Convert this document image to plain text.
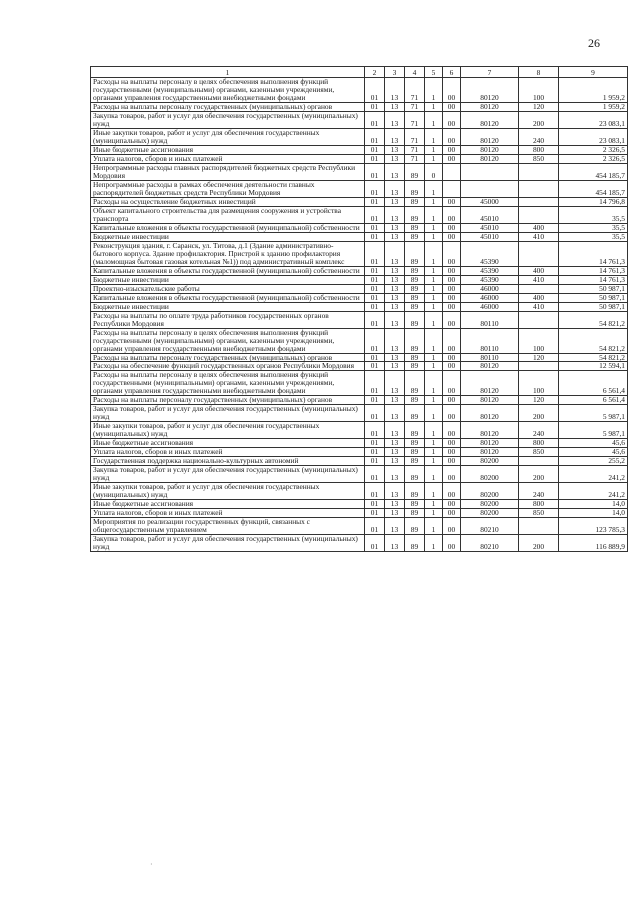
26
1	2	3	4	5	6	7	8	9
Расходы на выплаты персоналу в целях обеспечения выполнения функций государственными (муниципальными) органами, казенными учреждениями, органами управления государственными внебюджетными фондами	01	13	71	1	00	80120	100	1 959,2
Расходы на выплаты персоналу государственных (муниципальных) органов	01	13	71	1	00	80120	120	1 959,2
Закупка товаров, работ и услуг для обеспечения государственных (муниципальных) нужд	01	13	71	1	00	80120	200	23 083,1
Иные закупки товаров, работ и услуг для обеспечения государственных (муниципальных) нужд	01	13	71	1	00	80120	240	23 083,1
Иные бюджетные ассигнования	01	13	71	1	00	80120	800	2 326,5
Уплата налогов, сборов и иных платежей	01	13	71	1	00	80120	850	2 326,5
Непрограммные расходы главных распорядителей бюджетных средств Республики Мордовия	01	13	89	0				454 185,7
Непрограммные расходы в рамках обеспечения деятельности главных распорядителей бюджетных средств Республики Мордовия	01	13	89	1				454 185,7
Расходы на осуществление бюджетных инвестиций	01	13	89	1	00	45000		14 796,8
Объект капитального строительства для размещения сооружения и устройства транспорта	01	13	89	1	00	45010		35,5
Капитальные вложения в объекты государственной (муниципальной) собственности	01	13	89	1	00	45010	400	35,5
Бюджетные инвестиции	01	13	89	1	00	45010	410	35,5
Реконструкция здания, г. Саранск, ул. Титова, д.1 (Здание административно-бытового корпуса. Здание профилактория. Пристрой к зданию профилактория (маломощная бытовая газовая котельная №1)) под административный комплекс	01	13	89	1	00	45390		14 761,3
Капитальные вложения в объекты государственной (муниципальной) собственности	01	13	89	1	00	45390	400	14 761,3
Бюджетные инвестиции	01	13	89	1	00	45390	410	14 761,3
Проектно-изыскательские работы	01	13	89	1	00	46000		50 987,1
Капитальные вложения в объекты государственной (муниципальной) собственности	01	13	89	1	00	46000	400	50 987,1
Бюджетные инвестиции	01	13	89	1	00	46000	410	50 987,1
Расходы на выплаты по оплате труда работников государственных органов Республики Мордовия	01	13	89	1	00	80110		54 821,2
Расходы на выплаты персоналу в целях обеспечения выполнения функций государственными (муниципальными) органами, казенными учреждениями, органами управления государственными внебюджетными фондами	01	13	89	1	00	80110	100	54 821,2
Расходы на выплаты персоналу государственных (муниципальных) органов	01	13	89	1	00	80110	120	54 821,2
Расходы на обеспечение функций государственных органов Республики Мордовия	01	13	89	1	00	80120		12 594,1
Расходы на выплаты персоналу в целях обеспечения выполнения функций государственными (муниципальными) органами, казенными учреждениями, органами управления государственными внебюджетными фондами	01	13	89	1	00	80120	100	6 561,4
Расходы на выплаты персоналу государственных (муниципальных) органов	01	13	89	1	00	80120	120	6 561,4
Закупка товаров, работ и услуг для обеспечения государственных (муниципальных) нужд	01	13	89	1	00	80120	200	5 987,1
Иные закупки товаров, работ и услуг для обеспечения государственных (муниципальных) нужд	01	13	89	1	00	80120	240	5 987,1
Иные бюджетные ассигнования	01	13	89	1	00	80120	800	45,6
Уплата налогов, сборов и иных платежей	01	13	89	1	00	80120	850	45,6
Государственная поддержка национально-культурных автономий	01	13	89	1	00	80200		255,2
Закупка товаров, работ и услуг для обеспечения государственных (муниципальных) нужд	01	13	89	1	00	80200	200	241,2
Иные закупки товаров, работ и услуг для обеспечения государственных (муниципальных) нужд	01	13	89	1	00	80200	240	241,2
Иные бюджетные ассигнования	01	13	89	1	00	80200	800	14,0
Уплата налогов, сборов и иных платежей	01	13	89	1	00	80200	850	14,0
Мероприятия по реализации государственных функций, связанных с общегосударственным управлением	01	13	89	1	00	80210		123 785,3
Закупка товаров, работ и услуг для обеспечения государственных (муниципальных) нужд	01	13	89	1	00	80210	200	116 889,9
·
